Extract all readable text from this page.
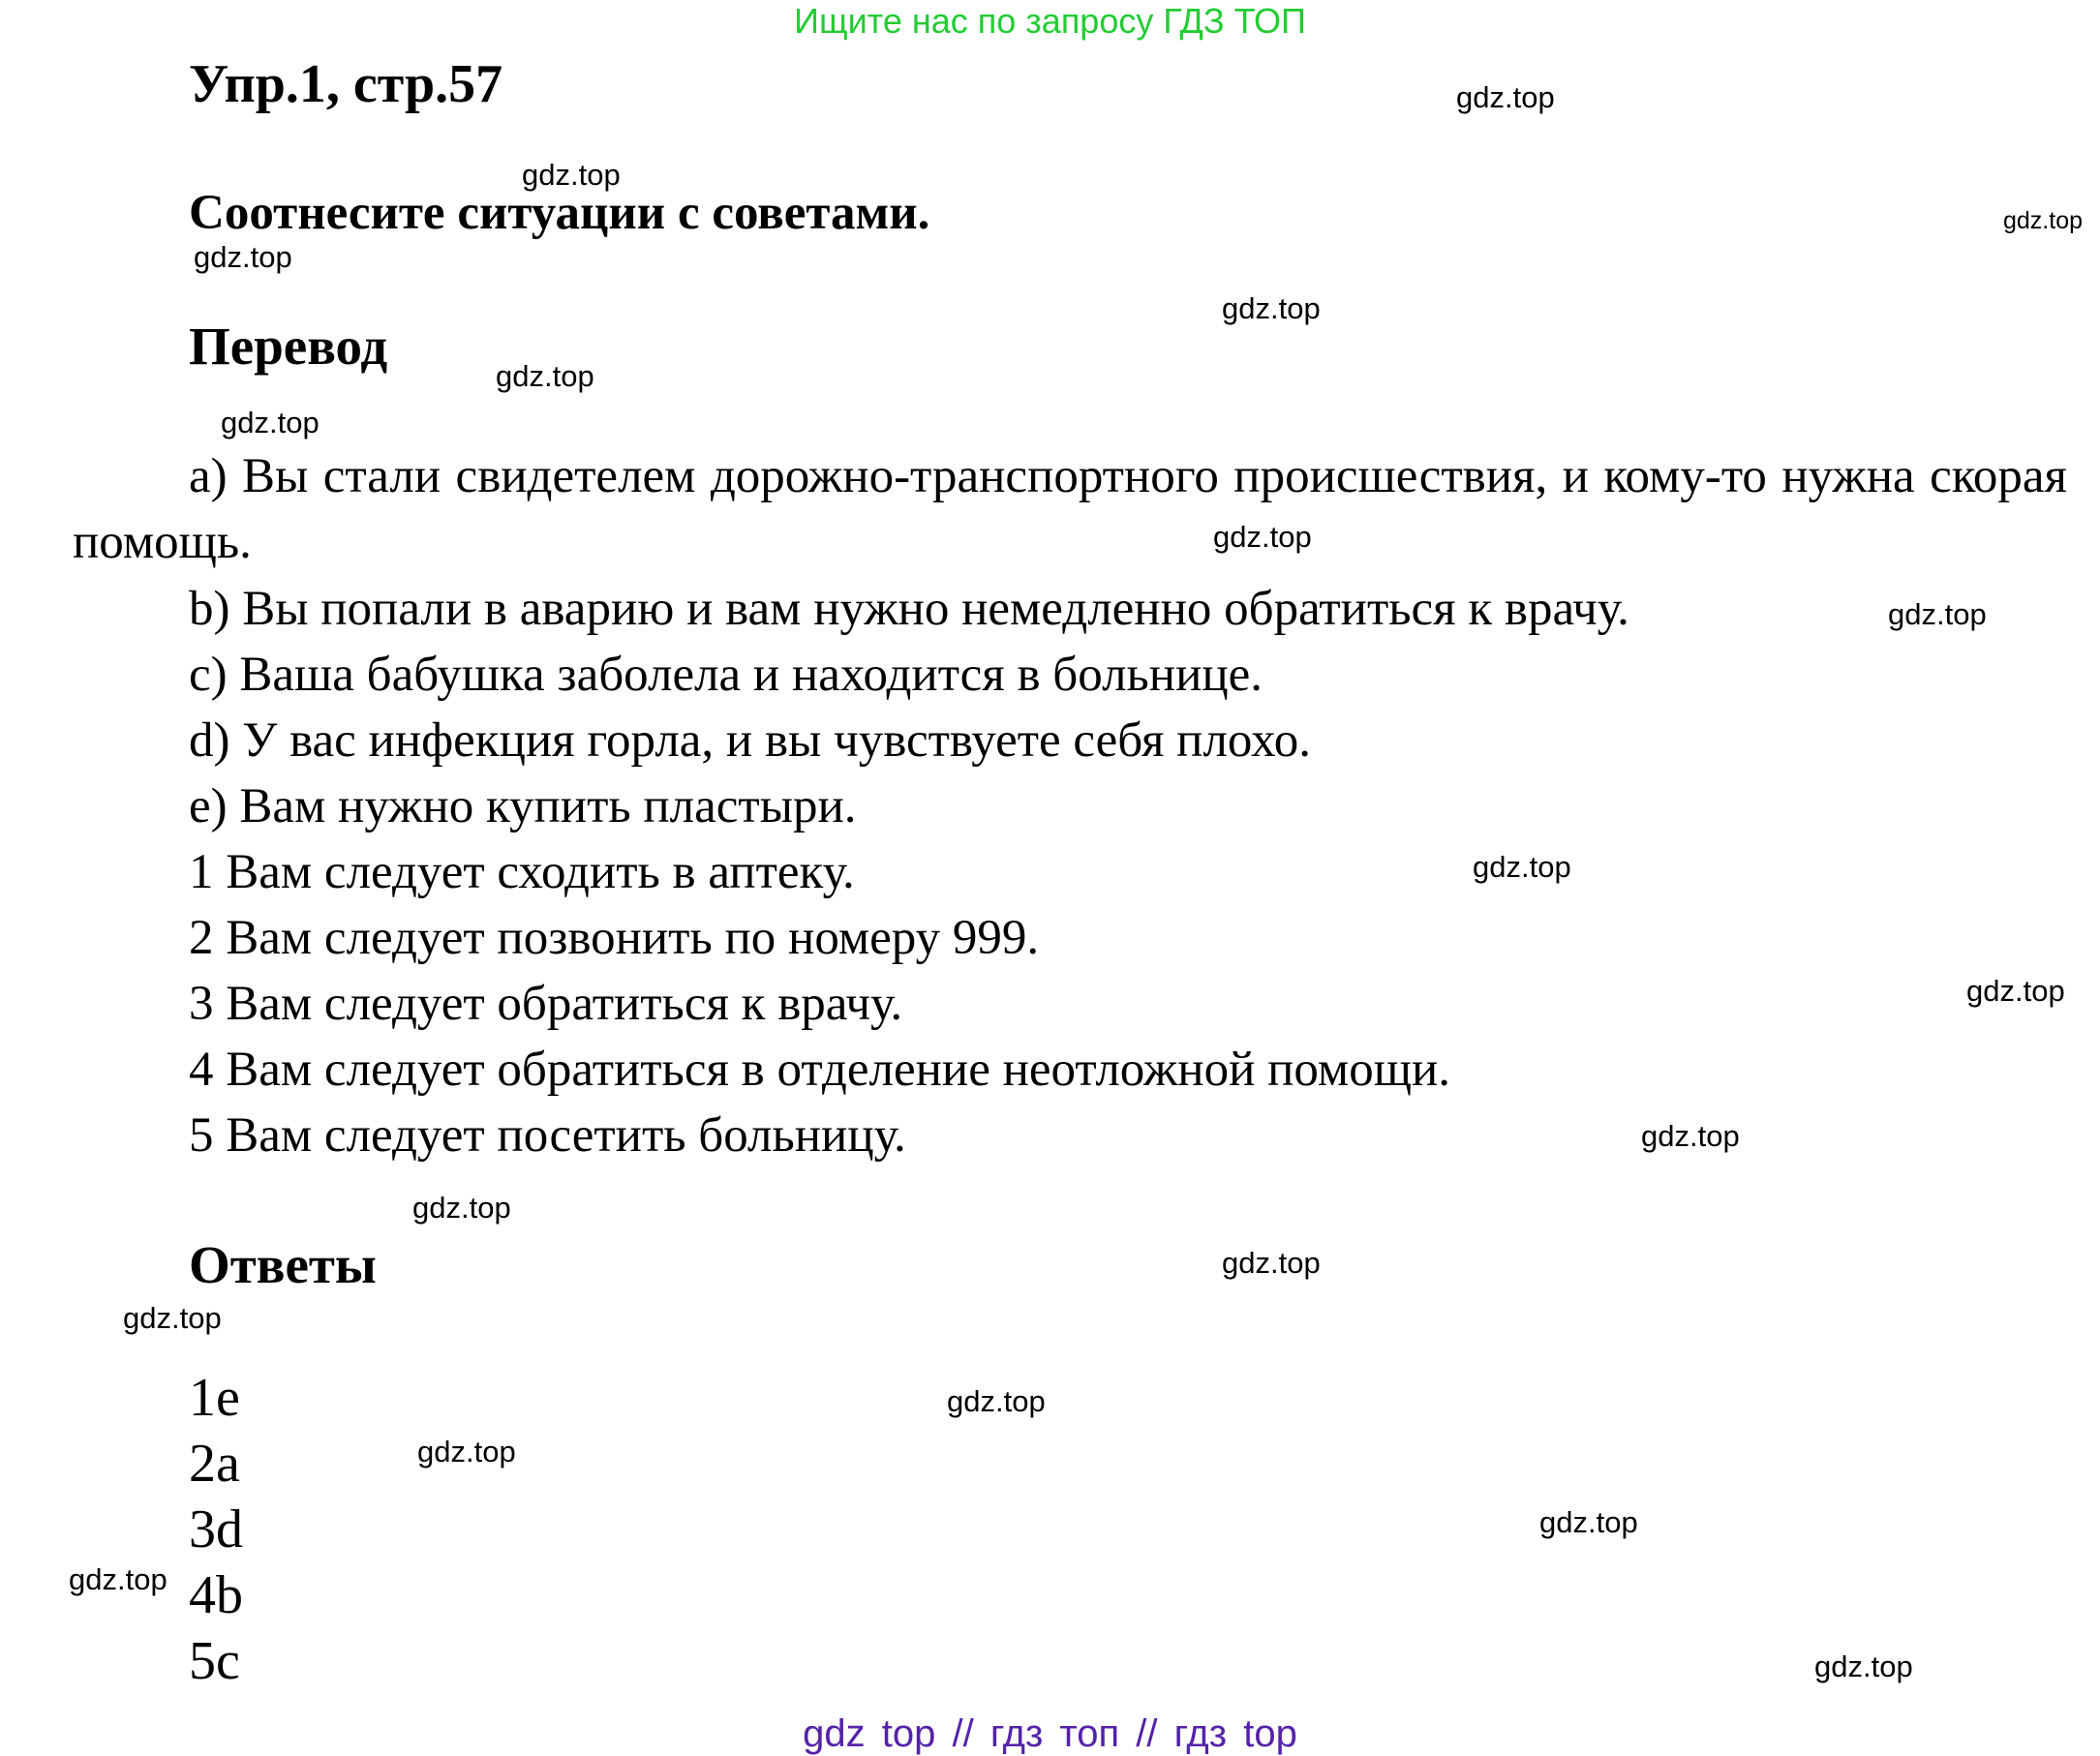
Ищите нас по запросу ГДЗ ТОП
Упр.1, стр.57
Соотнесите ситуации с советами.
Перевод
а) Вы стали свидетелем дорожно-транспортного происшествия, и кому-то нужна скорая помощь.
b) Вы попали в аварию и вам нужно немедленно обратиться к врачу.
c) Ваша бабушка заболела и находится в больнице.
d) У вас инфекция горла, и вы чувствуете себя плохо.
e) Вам нужно купить пластыри.
1 Вам следует сходить в аптеку.
2 Вам следует позвонить по номеру 999.
3 Вам следует обратиться к врачу.
4 Вам следует обратиться в отделение неотложной помощи.
5 Вам следует посетить больницу.
Ответы
1e
2a
3d
4b
5c
gdz.top
gdz.top
gdz.top
gdz.top
gdz.top
gdz.top
gdz.top
gdz.top
gdz.top
gdz.top
gdz.top
gdz.top
gdz.top
gdz.top
gdz.top
gdz.top
gdz.top
gdz.top
gdz.top
gdz.top
gdz top // гдз топ // гдз top
